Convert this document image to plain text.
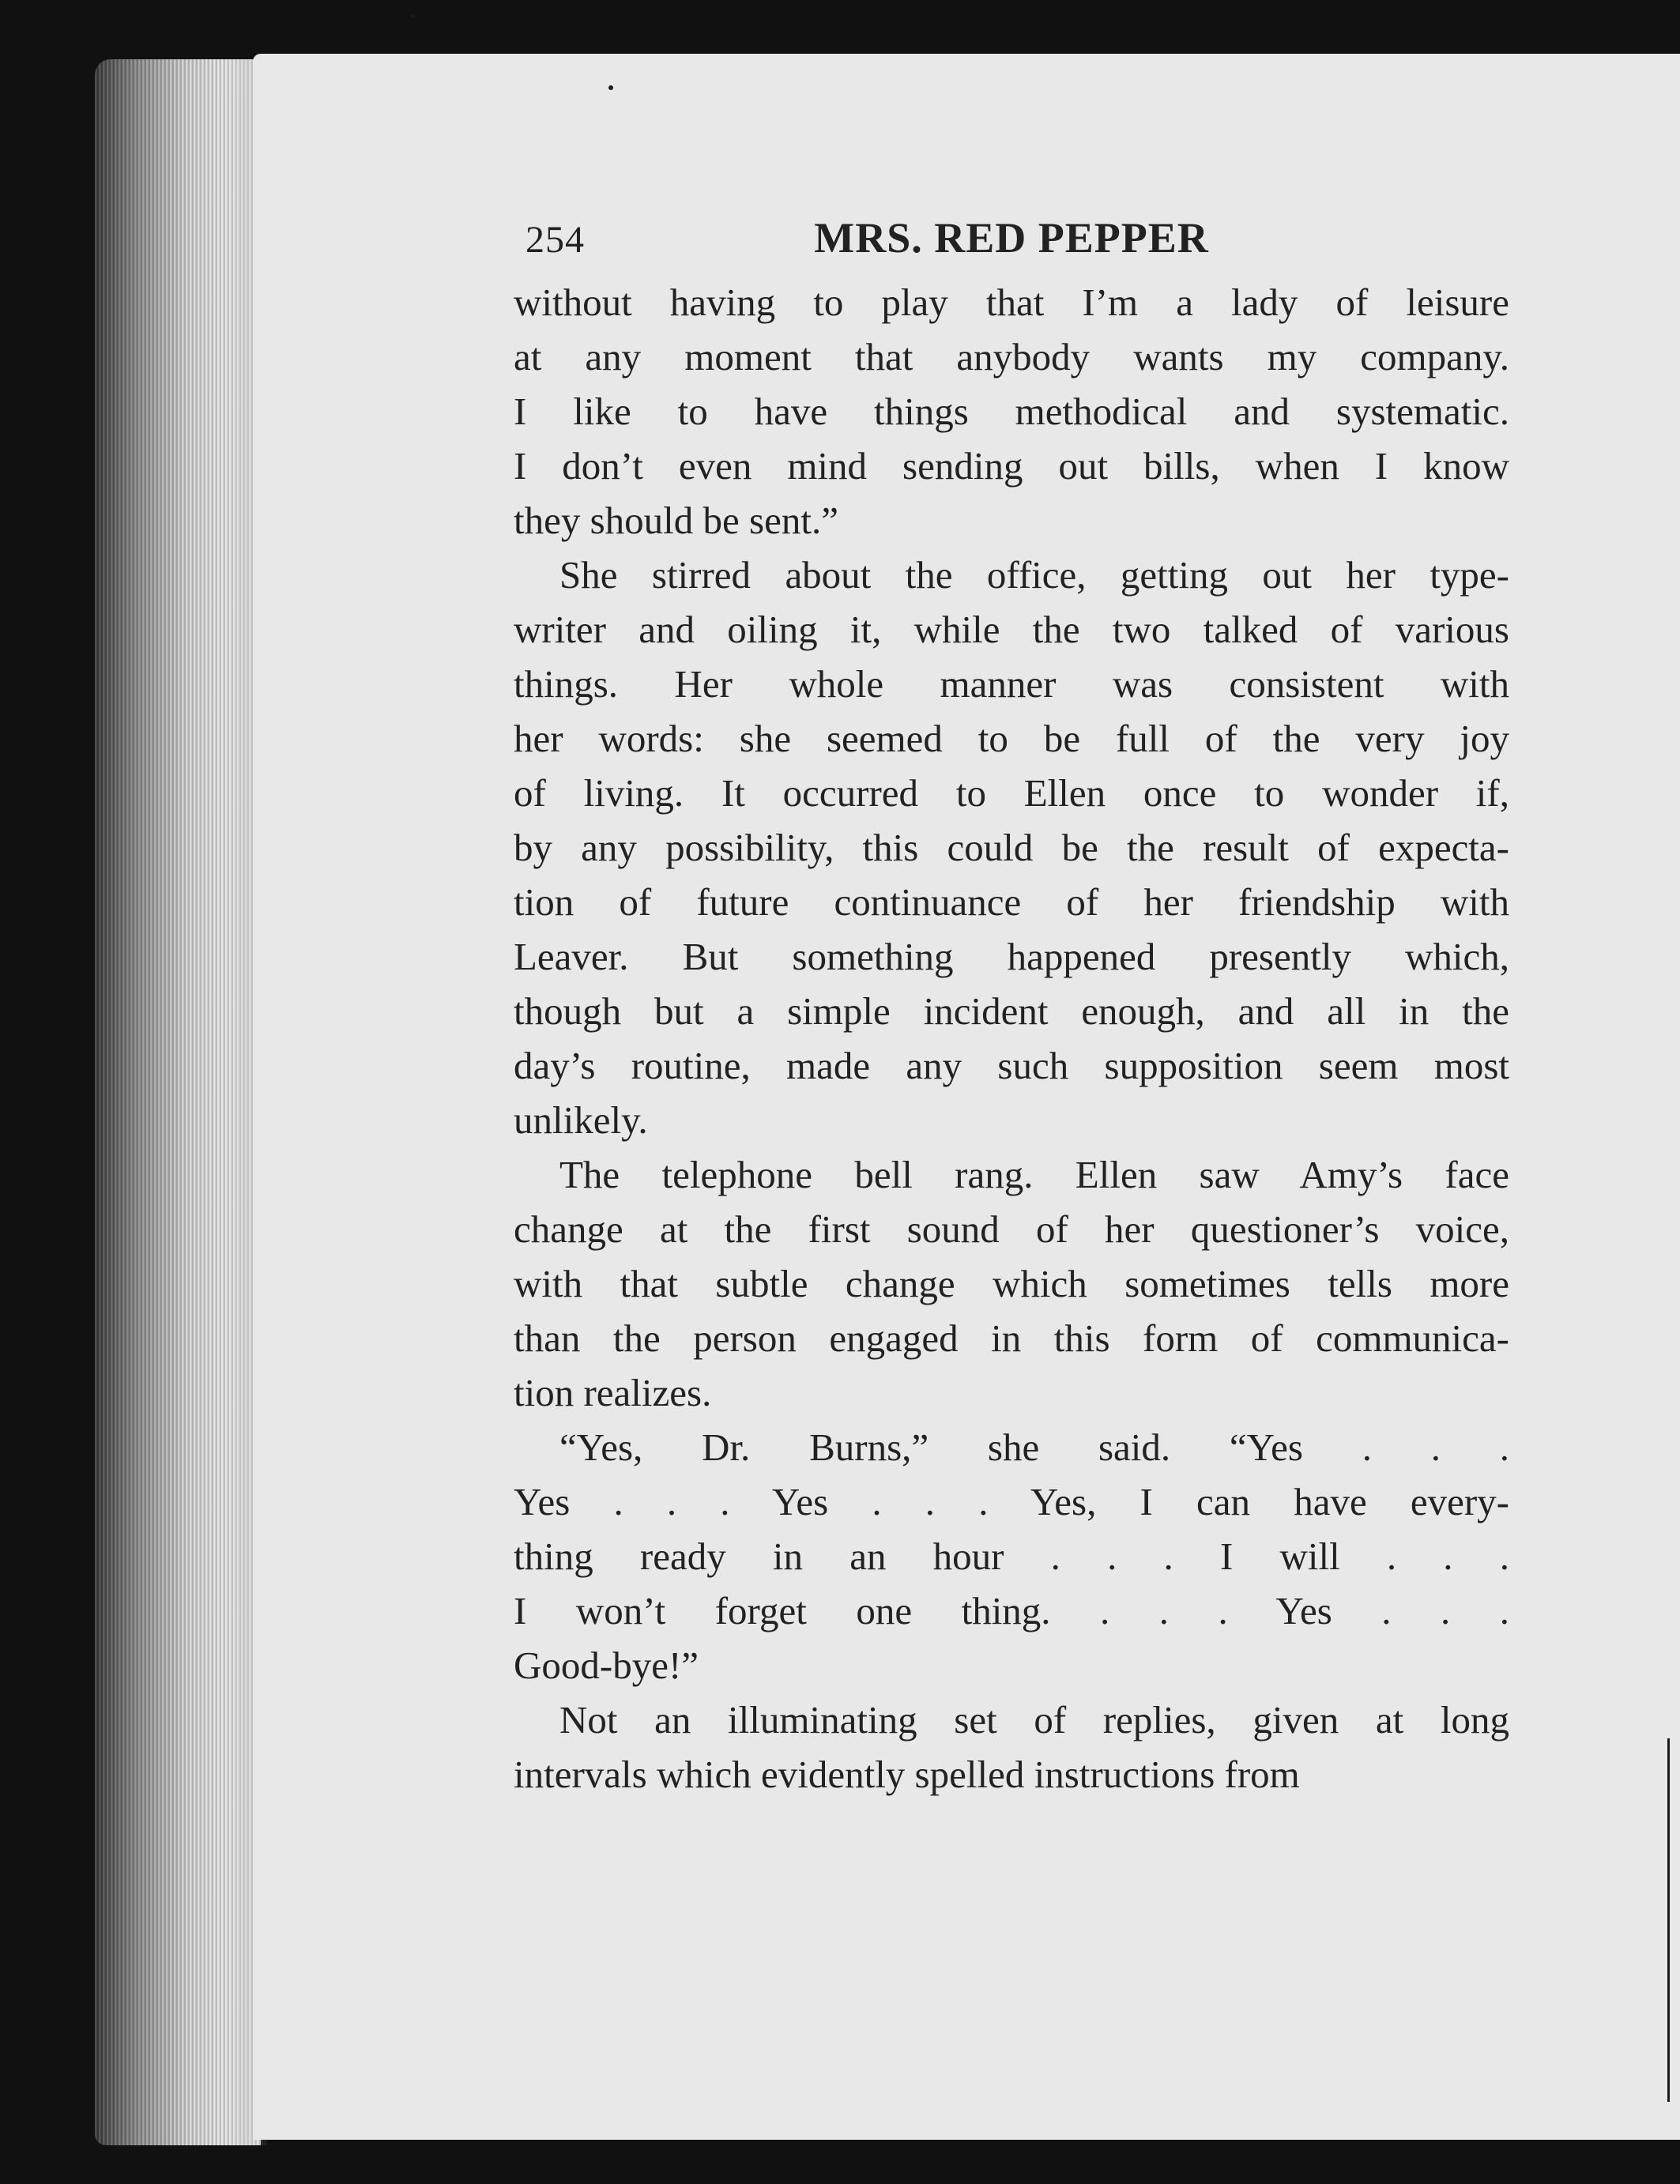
254	MRS. RED PEPPER
without having to play that I’m a lady of leisure
at any moment that anybody wants my company.
I like to have things methodical and systematic.
I don’t even mind sending out bills, when I know
they should be sent.”
She stirred about the office, getting out her type-
writer and oiling it, while the two talked of various
things. Her whole manner was consistent with
her words: she seemed to be full of the very joy
of living. It occurred to Ellen once to wonder if,
by any possibility, this could be the result of expecta-
tion of future continuance of her friendship with
Leaver. But something happened presently which,
though but a simple incident enough, and all in the
day’s routine, made any such supposition seem most
unlikely.
The telephone bell rang. Ellen saw Amy’s face
change at the first sound of her questioner’s voice,
with that subtle change which sometimes tells more
than the person engaged in this form of communica-
tion realizes.
“Yes, Dr. Burns,” she said. “Yes . . .
Yes . . . Yes . . . Yes, I can have every-
thing ready in an hour . . . I will . . .
I won’t forget one thing. . . . Yes . . .
Good-bye!”
Not an illuminating set of replies, given at long
intervals which evidently spelled instructions from
